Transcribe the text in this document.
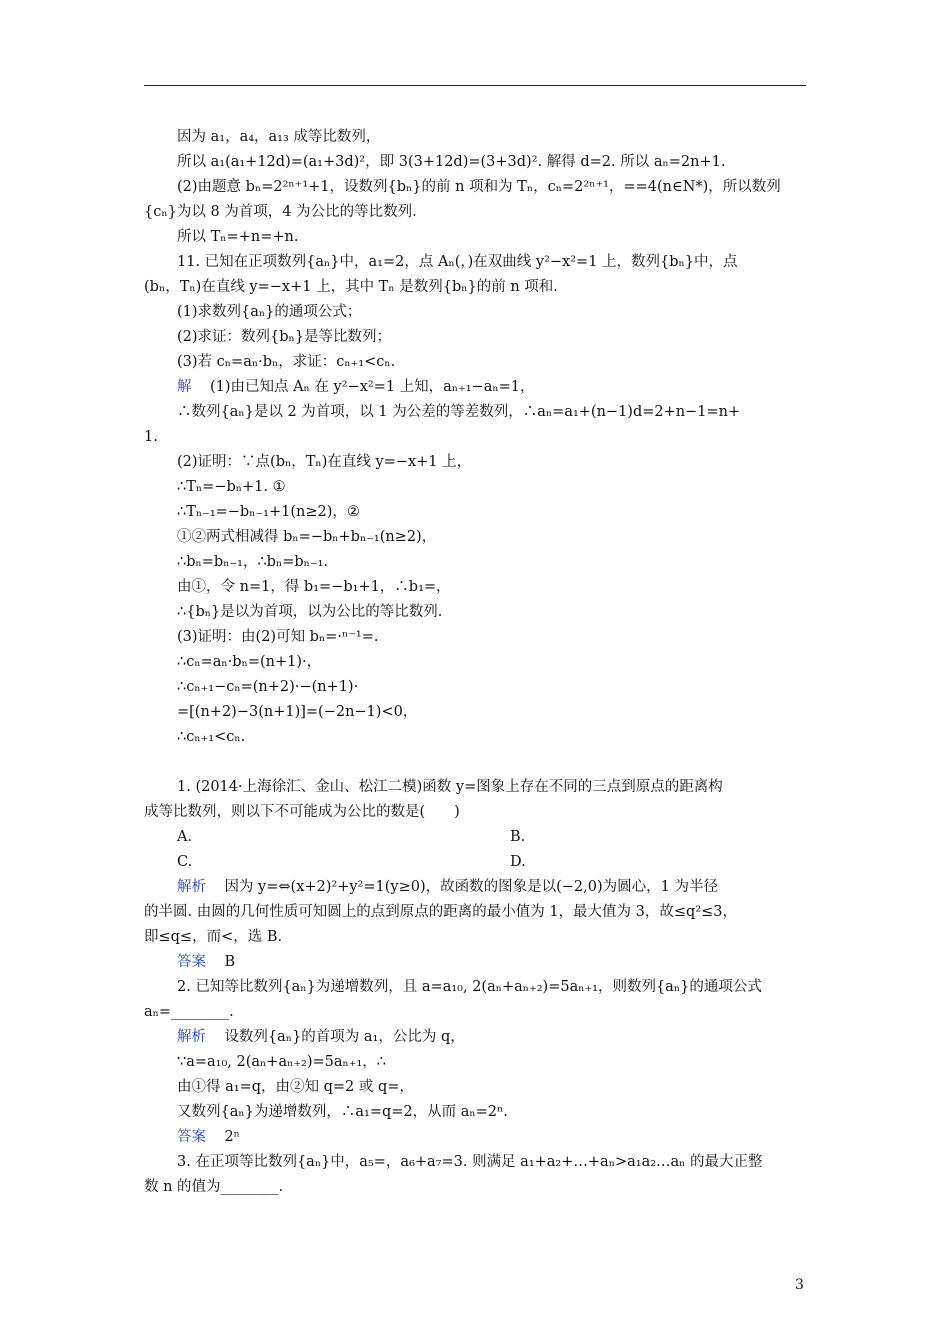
因为 a₁，a₄，a₁₃ 成等比数列，
所以 a₁(a₁+12d)=(a₁+3d)²，即 3(3+12d)=(3+3d)². 解得 d=2. 所以 aₙ=2n+1.
(2)由题意 bₙ=2²ⁿ⁺¹+1，设数列{bₙ}的前 n 项和为 Tₙ，cₙ=2²ⁿ⁺¹，==4(n∈N*)，所以数列
{cₙ}为以 8 为首项，4 为公比的等比数列.
所以 Tₙ=+n=+n.
11. 已知在正项数列{aₙ}中，a₁=2，点 Aₙ(，)在双曲线 y²−x²=1 上，数列{bₙ}中，点
(bₙ，Tₙ)在直线 y=−x+1 上，其中 Tₙ 是数列{bₙ}的前 n 项和.
(1)求数列{aₙ}的通项公式；
(2)求证：数列{bₙ}是等比数列；
(3)若 cₙ=aₙ·bₙ，求证：cₙ₊₁<cₙ.
解 (1)由已知点 Aₙ 在 y²−x²=1 上知，aₙ₊₁−aₙ=1，
∴数列{aₙ}是以 2 为首项，以 1 为公差的等差数列，∴aₙ=a₁+(n−1)d=2+n−1=n+
1.
(2)证明：∵点(bₙ，Tₙ)在直线 y=−x+1 上，
∴Tₙ=−bₙ+1. ①
∴Tₙ₋₁=−bₙ₋₁+1(n≥2)，②
①②两式相减得 bₙ=−bₙ+bₙ₋₁(n≥2)，
∴bₙ=bₙ₋₁，∴bₙ=bₙ₋₁.
由①，令 n=1，得 b₁=−b₁+1，∴b₁=，
∴{bₙ}是以为首项，以为公比的等比数列.
(3)证明：由(2)可知 bₙ=·ⁿ⁻¹=.
∴cₙ=aₙ·bₙ=(n+1)·，
∴cₙ₊₁−cₙ=(n+2)·−(n+1)·
=[(n+2)−3(n+1)]=(−2n−1)<0，
∴cₙ₊₁<cₙ.
1. (2014·上海徐汇、金山、松江二模)函数 y=图象上存在不同的三点到原点的距离构
成等比数列，则以下不可能成为公比的数是(　　)
A.	B.
C.	D.
解析 因为 y=⇔(x+2)²+y²=1(y≥0)，故函数的图象是以(−2,0)为圆心，1 为半径
的半圆. 由圆的几何性质可知圆上的点到原点的距离的最小值为 1，最大值为 3，故≤q²≤3，
即≤q≤，而<，选 B.
答案 B
2. 已知等比数列{aₙ}为递增数列，且 a=a₁₀, 2(aₙ+aₙ₊₂)=5aₙ₊₁，则数列{aₙ}的通项公式
aₙ=________.
解析 设数列{aₙ}的首项为 a₁，公比为 q，
∵a=a₁₀, 2(aₙ+aₙ₊₂)=5aₙ₊₁，∴
由①得 a₁=q，由②知 q=2 或 q=，
又数列{aₙ}为递增数列，∴a₁=q=2，从而 aₙ=2ⁿ.
答案 2ⁿ
3. 在正项等比数列{aₙ}中，a₅=，a₆+a₇=3. 则满足 a₁+a₂+…+aₙ>a₁a₂…aₙ 的最大正整
数 n 的值为________.
3
